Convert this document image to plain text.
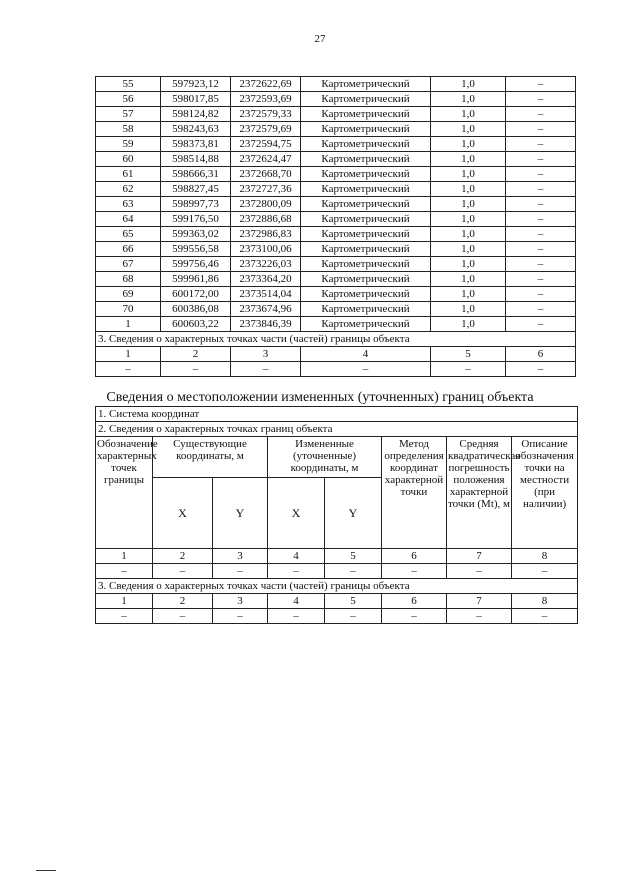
27
55	597923,12	2372622,69	Картометрический	1,0	–
56	598017,85	2372593,69	Картометрический	1,0	–
57	598124,82	2372579,33	Картометрический	1,0	–
58	598243,63	2372579,69	Картометрический	1,0	–
59	598373,81	2372594,75	Картометрический	1,0	–
60	598514,88	2372624,47	Картометрический	1,0	–
61	598666,31	2372668,70	Картометрический	1,0	–
62	598827,45	2372727,36	Картометрический	1,0	–
63	598997,73	2372800,09	Картометрический	1,0	–
64	599176,50	2372886,68	Картометрический	1,0	–
65	599363,02	2372986,83	Картометрический	1,0	–
66	599556,58	2373100,06	Картометрический	1,0	–
67	599756,46	2373226,03	Картометрический	1,0	–
68	599961,86	2373364,20	Картометрический	1,0	–
69	600172,00	2373514,04	Картометрический	1,0	–
70	600386,08	2373674,96	Картометрический	1,0	–
1	600603,22	2373846,39	Картометрический	1,0	–
3. Сведения о характерных точках части (частей) границы объекта					
1	2	3	4	5	6
–	–	–	–	–	–
Сведения о местоположении измененных (уточненных) границ объекта
1. Система координат							
2. Сведения о характерных точках границ объекта							
Обозначение характерных точек границы	Существующие координаты, м		Измененные (уточненные) координаты, м		Метод определения координат характерной точки	Средняя квадратическая погрешность положения характерной точки (Mt), м	Описание обозначения точки на местности (при наличии)
	X	Y	X	Y			
1	2	3	4	5	6	7	8
–	–	–	–	–	–	–	–
3. Сведения о характерных точках части (частей) границы объекта							
1	2	3	4	5	6	7	8
–	–	–	–	–	–	–	–
